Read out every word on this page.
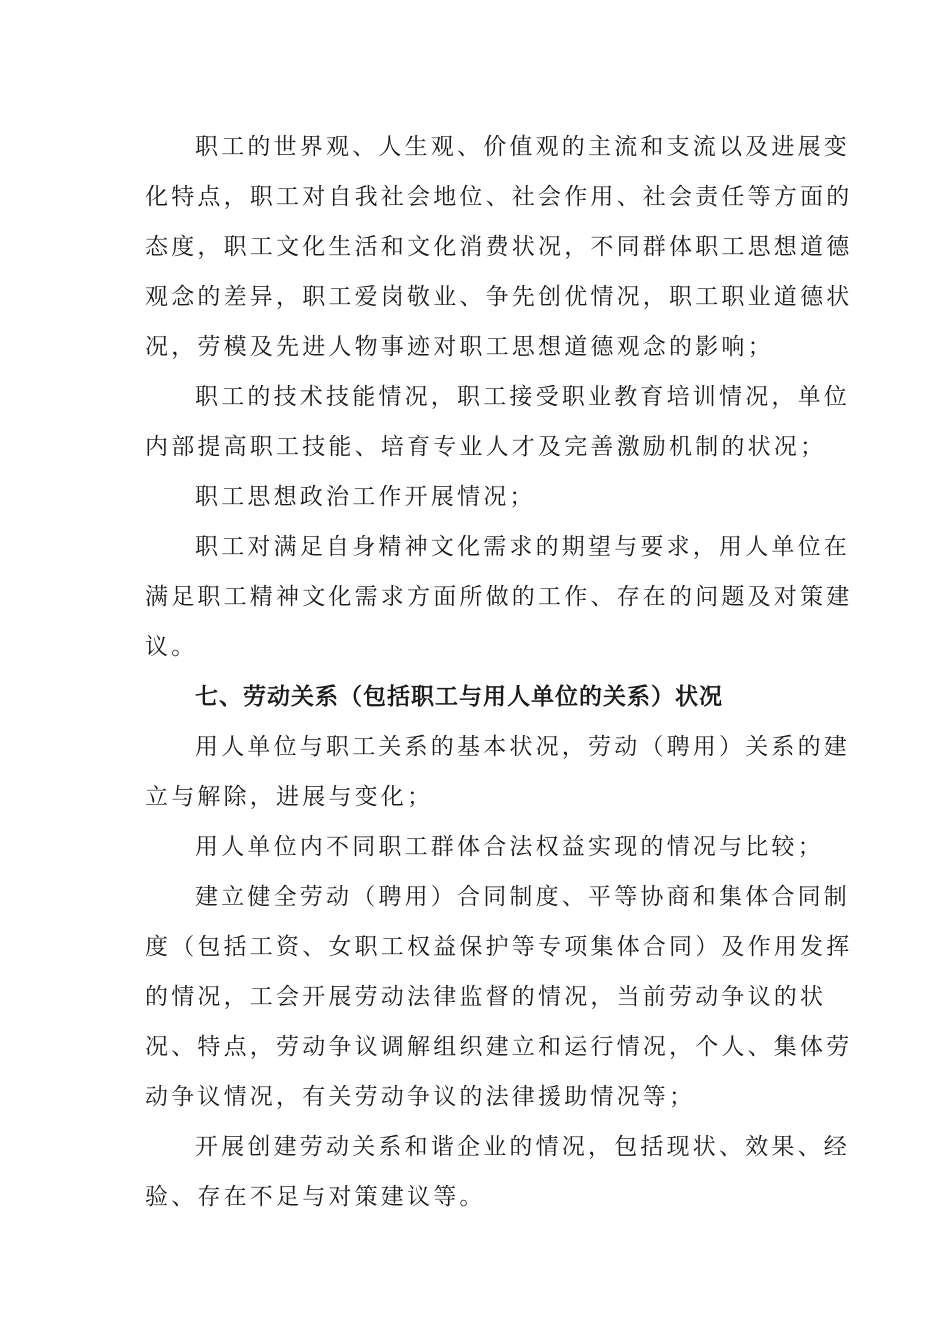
职工的世界观、人生观、价值观的主流和支流以及进展变
化特点，职工对自我社会地位、社会作用、社会责任等方面的
态度，职工文化生活和文化消费状况，不同群体职工思想道德
观念的差异，职工爱岗敬业、争先创优情况，职工职业道德状
况，劳模及先进人物事迹对职工思想道德观念的影响；
职工的技术技能情况，职工接受职业教育培训情况，单位
内部提高职工技能、培育专业人才及完善激励机制的状况；
职工思想政治工作开展情况；
职工对满足自身精神文化需求的期望与要求，用人单位在
满足职工精神文化需求方面所做的工作、存在的问题及对策建
议。
七、劳动关系（包括职工与用人单位的关系）状况
用人单位与职工关系的基本状况，劳动（聘用）关系的建
立与解除，进展与变化；
用人单位内不同职工群体合法权益实现的情况与比较；
建立健全劳动（聘用）合同制度、平等协商和集体合同制
度（包括工资、女职工权益保护等专项集体合同）及作用发挥
的情况，工会开展劳动法律监督的情况，当前劳动争议的状
况、特点，劳动争议调解组织建立和运行情况，个人、集体劳
动争议情况，有关劳动争议的法律援助情况等；
开展创建劳动关系和谐企业的情况，包括现状、效果、经
验、存在不足与对策建议等。
